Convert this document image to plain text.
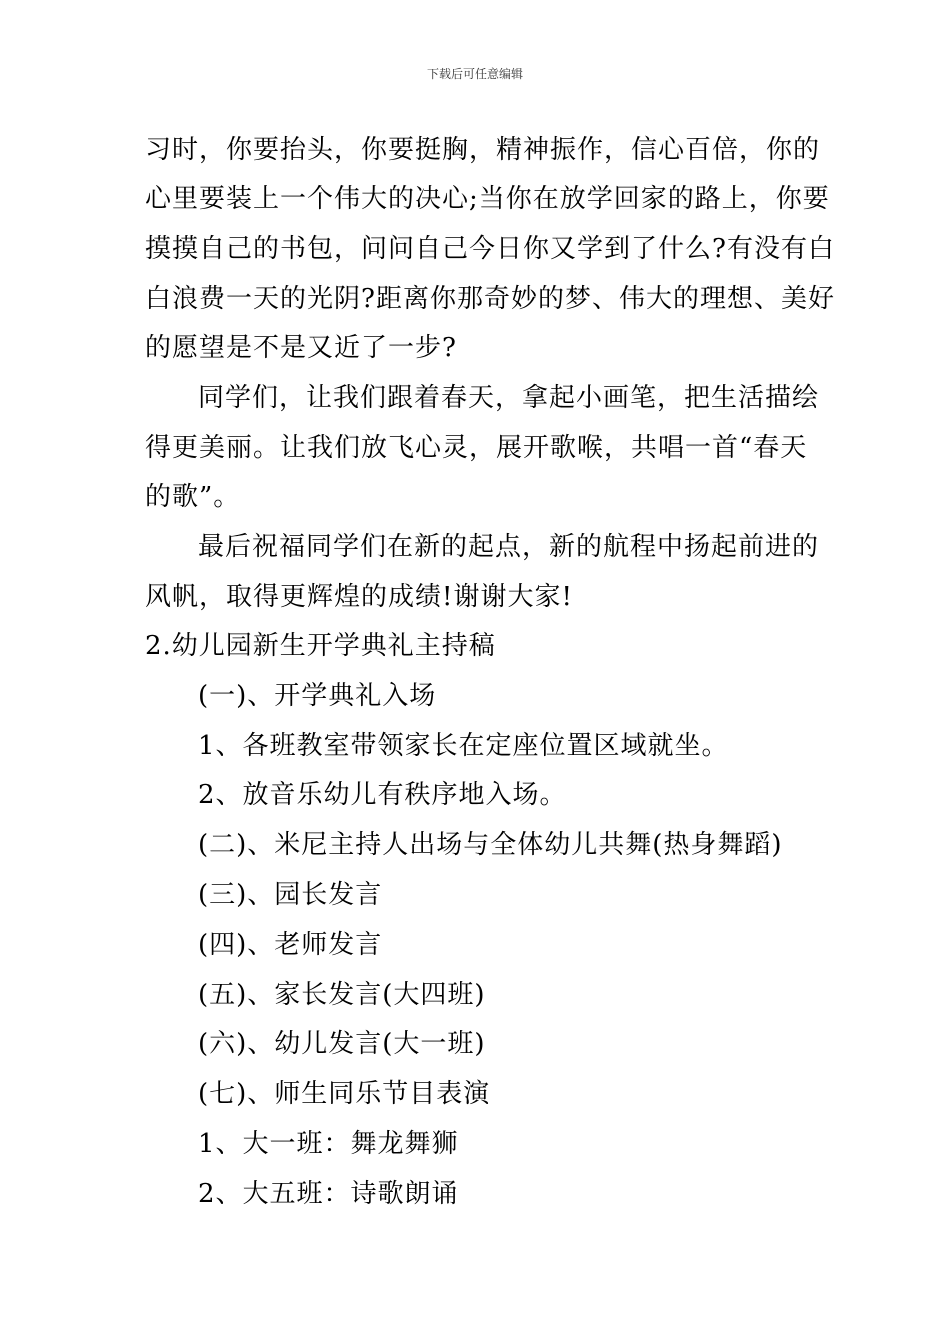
下载后可任意编辑
习时，你要抬头，你要挺胸，精神振作，信心百倍，你的
心里要装上一个伟大的决心;当你在放学回家的路上，你要
摸摸自己的书包，问问自己今日你又学到了什么?有没有白
白浪费一天的光阴?距离你那奇妙的梦、伟大的理想、美好
的愿望是不是又近了一步?
同学们，让我们跟着春天，拿起小画笔，把生活描绘
得更美丽。让我们放飞心灵，展开歌喉，共唱一首“春天
的歌”。
最后祝福同学们在新的起点，新的航程中扬起前进的
风帆，取得更辉煌的成绩!谢谢大家!
2.幼儿园新生开学典礼主持稿
(一)、开学典礼入场
1、各班教室带领家长在定座位置区域就坐。
2、放音乐幼儿有秩序地入场。
(二)、米尼主持人出场与全体幼儿共舞(热身舞蹈)
(三)、园长发言
(四)、老师发言
(五)、家长发言(大四班)
(六)、幼儿发言(大一班)
(七)、师生同乐节目表演
1、大一班：舞龙舞狮
2、大五班：诗歌朗诵
